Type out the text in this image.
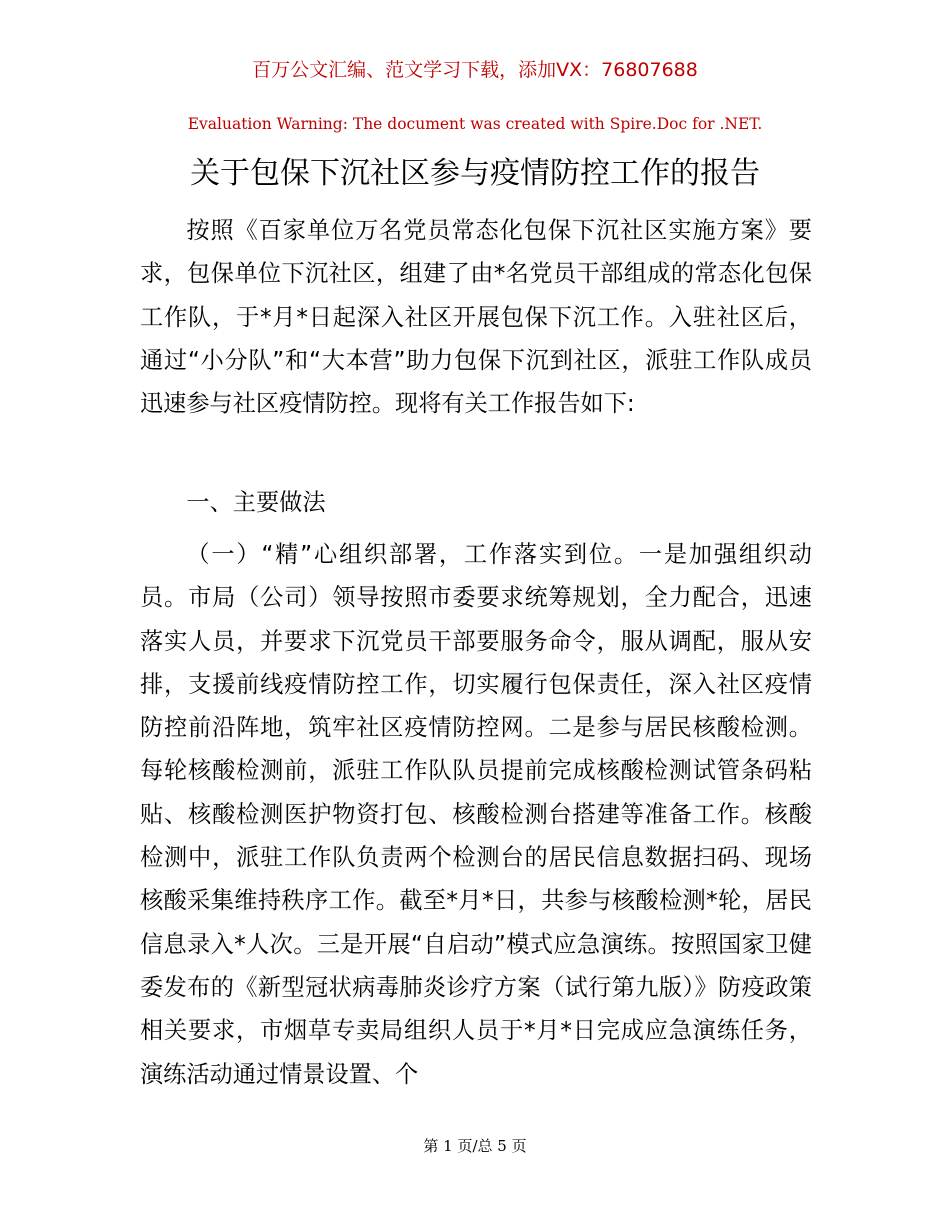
百万公文汇编、范文学习下载，添加VX：76807688
Evaluation Warning: The document was created with Spire.Doc for .NET.
关于包保下沉社区参与疫情防控工作的报告
按照《百家单位万名党员常态化包保下沉社区实施方案》要求，包保单位下沉社区，组建了由*名党员干部组成的常态化包保工作队，于*月*日起深入社区开展包保下沉工作。入驻社区后，通过“小分队”和“大本营”助力包保下沉到社区，派驻工作队成员迅速参与社区疫情防控。现将有关工作报告如下:
一、主要做法
（一）“精”心组织部署，工作落实到位。一是加强组织动员。市局（公司）领导按照市委要求统筹规划，全力配合，迅速落实人员，并要求下沉党员干部要服务命令，服从调配，服从安排，支援前线疫情防控工作，切实履行包保责任，深入社区疫情防控前沿阵地，筑牢社区疫情防控网。二是参与居民核酸检测。每轮核酸检测前，派驻工作队队员提前完成核酸检测试管条码粘贴、核酸检测医护物资打包、核酸检测台搭建等准备工作。核酸检测中，派驻工作队负责两个检测台的居民信息数据扫码、现场核酸采集维持秩序工作。截至*月*日，共参与核酸检测*轮，居民信息录入*人次。三是开展“自启动”模式应急演练。按照国家卫健委发布的《新型冠状病毒肺炎诊疗方案（试行第九版）》防疫政策相关要求，市烟草专卖局组织人员于*月*日完成应急演练任务，演练活动通过情景设置、个
第 1 页/总 5 页
